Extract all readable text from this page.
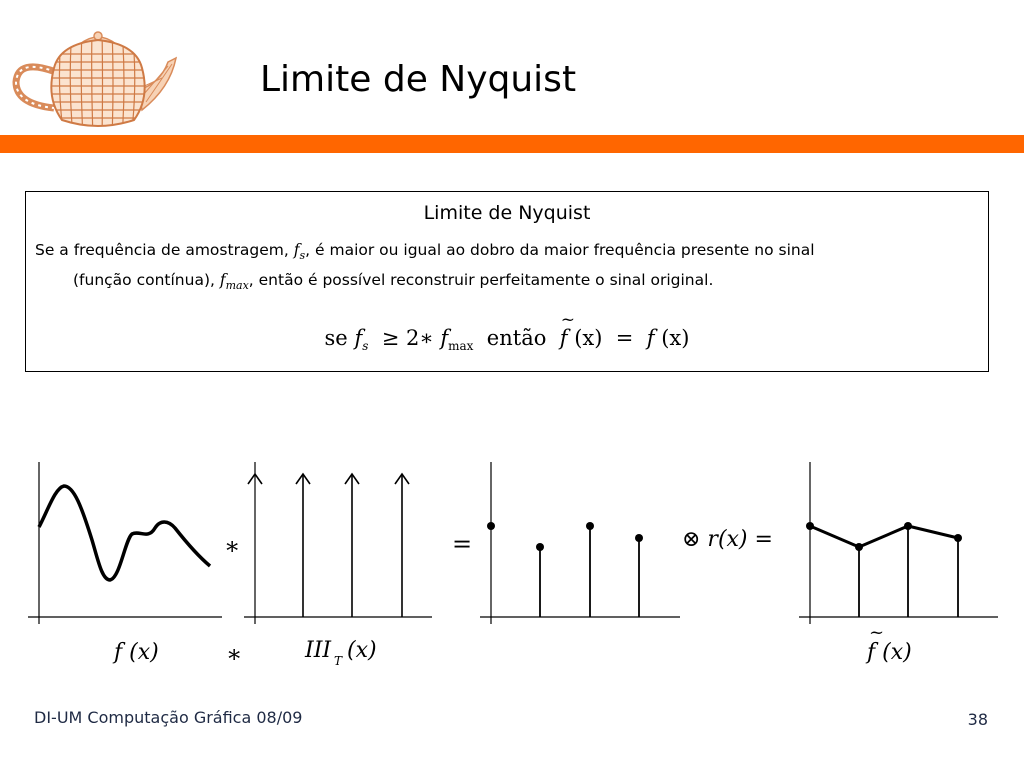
Limite de Nyquist
Limite de Nyquist
Se a frequência de amostragem, $f_s$, é maior ou igual ao dobro da maior frequência presente no sinal
(função contínua), $f_{max}$, então é possível reconstruir perfeitamente o sinal original.
se $f_s$ ≥ 2∗ $f_{max}$ então  ~ f (x) = f (x)
∗	=	⊗ r(x) =
f (x)	∗	III T (x)
~
f (x)
DI-UM Computação Gráfica 08/09	38
